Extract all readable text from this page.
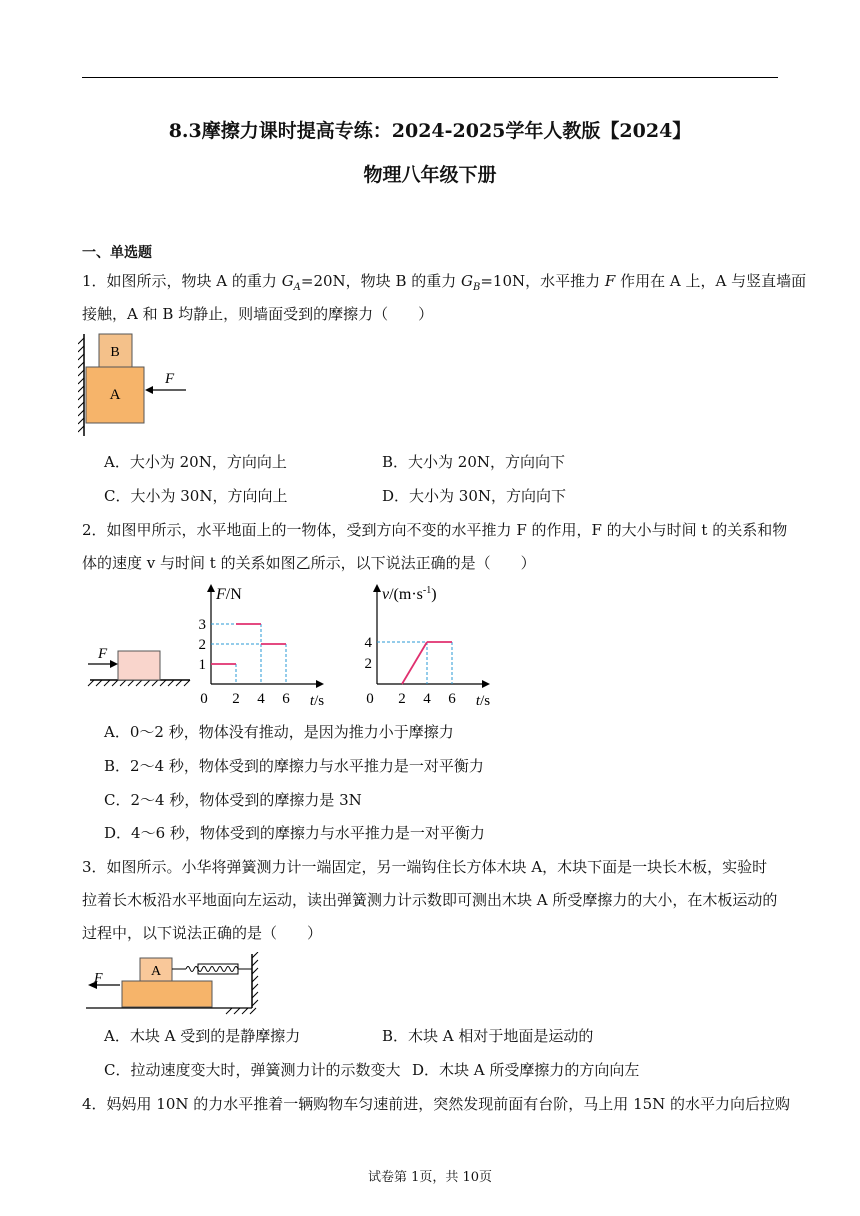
8.3摩擦力课时提高专练：2024-2025学年人教版【2024】
物理八年级下册
一、单选题
1．如图所示，物块 A 的重力 $G_A=20N$，物块 B 的重力 $G_B=10N$，水平推力 F 作用在 A 上，A 与竖直墙面
接触，A 和 B 均静止，则墙面受到的摩擦力（　　）
B
A
F
A．大小为 20N，方向向上	B．大小为 20N，方向向下
C．大小为 30N，方向向上	D．大小为 30N，方向向下
2．如图甲所示，水平地面上的一物体，受到方向不变的水平推力 F 的作用，F 的大小与时间 t 的关系和物
体的速度 v 与时间 t 的关系如图乙所示，以下说法正确的是（　　）
F
F/N
3
2
1
0 2 4 6 t/s
$v/(m\cdot s^{-1})$
4
2
0 2 4 6 t/s
A．0～2 秒，物体没有推动，是因为推力小于摩擦力
B．2～4 秒，物体受到的摩擦力与水平推力是一对平衡力
C．2～4 秒，物体受到的摩擦力是 3N
D．4～6 秒，物体受到的摩擦力与水平推力是一对平衡力
3．如图所示。小华将弹簧测力计一端固定，另一端钩住长方体木块 A，木块下面是一块长木板，实验时
拉着长木板沿水平地面向左运动，读出弹簧测力计示数即可测出木块 A 所受摩擦力的大小，在木板运动的
过程中，以下说法正确的是（　　）
A
F
A．木块 A 受到的是静摩擦力	B．木块 A 相对于地面是运动的
C．拉动速度变大时，弹簧测力计的示数变大 D．木块 A 所受摩擦力的方向向左
4．妈妈用 10N 的力水平推着一辆购物车匀速前进，突然发现前面有台阶，马上用 15N 的水平力向后拉购
试卷第 1页，共 10页
